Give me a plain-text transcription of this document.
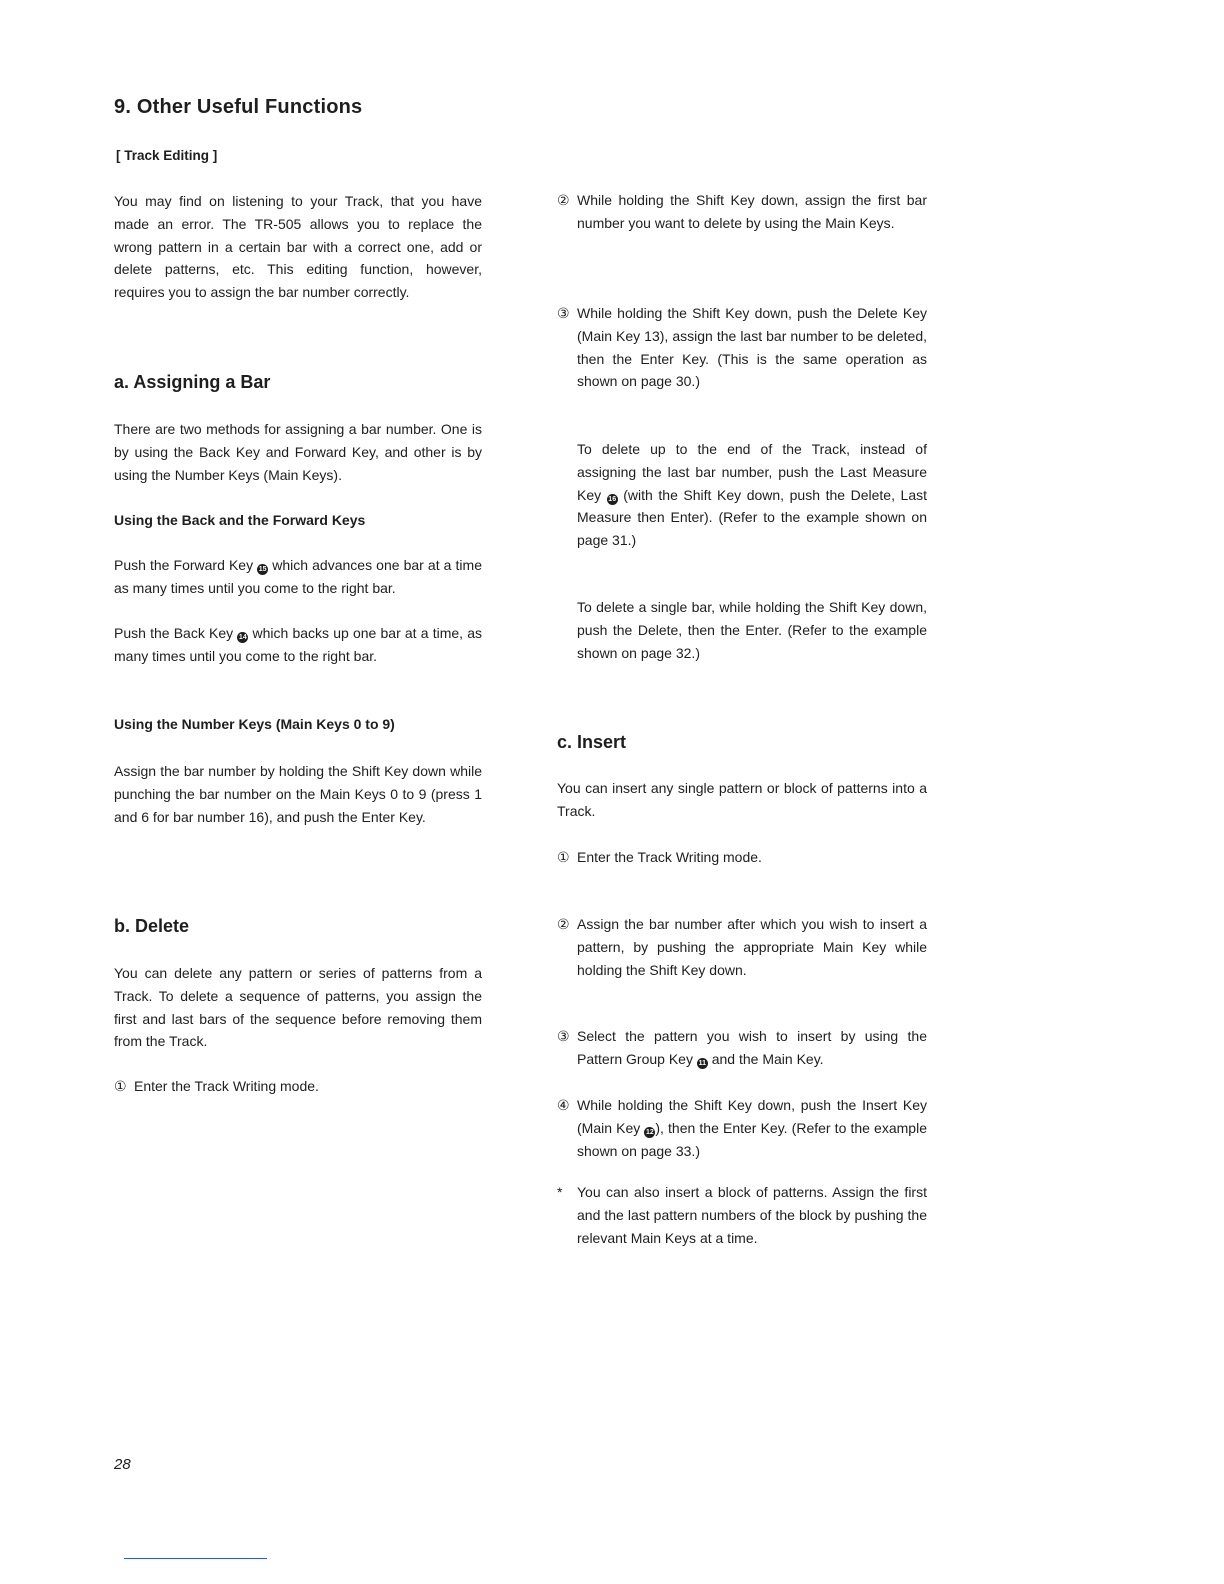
9. Other Useful Functions
[ Track Editing ]

You may find on listening to your Track, that you have made an error. The TR-505 allows you to replace the wrong pattern in a certain bar with a correct one, add or delete patterns, etc. This editing function, however, requires you to assign the bar number correctly.

a. Assigning a Bar

There are two methods for assigning a bar number. One is by using the Back Key and Forward Key, and other is by using the Number Keys (Main Keys).

Using the Back and the Forward Keys

Push the Forward Key 15 which advances one bar at a time as many times until you come to the right bar.

Push the Back Key 14 which backs up one bar at a time, as many times until you come to the right bar.

Using the Number Keys (Main Keys 0 to 9)

Assign the bar number by holding the Shift Key down while punching the bar number on the Main Keys 0 to 9 (press 1 and 6 for bar number 16), and push the Enter Key.

b. Delete

You can delete any pattern or series of patterns from a Track. To delete a sequence of patterns, you assign the first and last bars of the sequence before removing them from the Track.

① Enter the Track Writing mode.
② While holding the Shift Key down, assign the first bar number you want to delete by using the Main Keys.
③ While holding the Shift Key down, push the Delete Key (Main Key 13), assign the last bar number to be deleted, then the Enter Key. (This is the same operation as shown on page 30.)

To delete up to the end of the Track, instead of assigning the last bar number, push the Last Measure Key 16 (with the Shift Key down, push the Delete, Last Measure then Enter). (Refer to the example shown on page 31.)

To delete a single bar, while holding the Shift Key down, push the Delete, then the Enter. (Refer to the example shown on page 32.)

c. Insert

You can insert any single pattern or block of patterns into a Track.

① Enter the Track Writing mode.
② Assign the bar number after which you wish to insert a pattern, by pushing the appropriate Main Key while holding the Shift Key down.
③ Select the pattern you wish to insert by using the Pattern Group Key 11 and the Main Key.
④ While holding the Shift Key down, push the Insert Key (Main Key 12 ), then the Enter Key. (Refer to the example shown on page 33.)
*	You can also insert a block of patterns. Assign the first and the last pattern numbers of the block by pushing the relevant Main Keys at a time.
28
